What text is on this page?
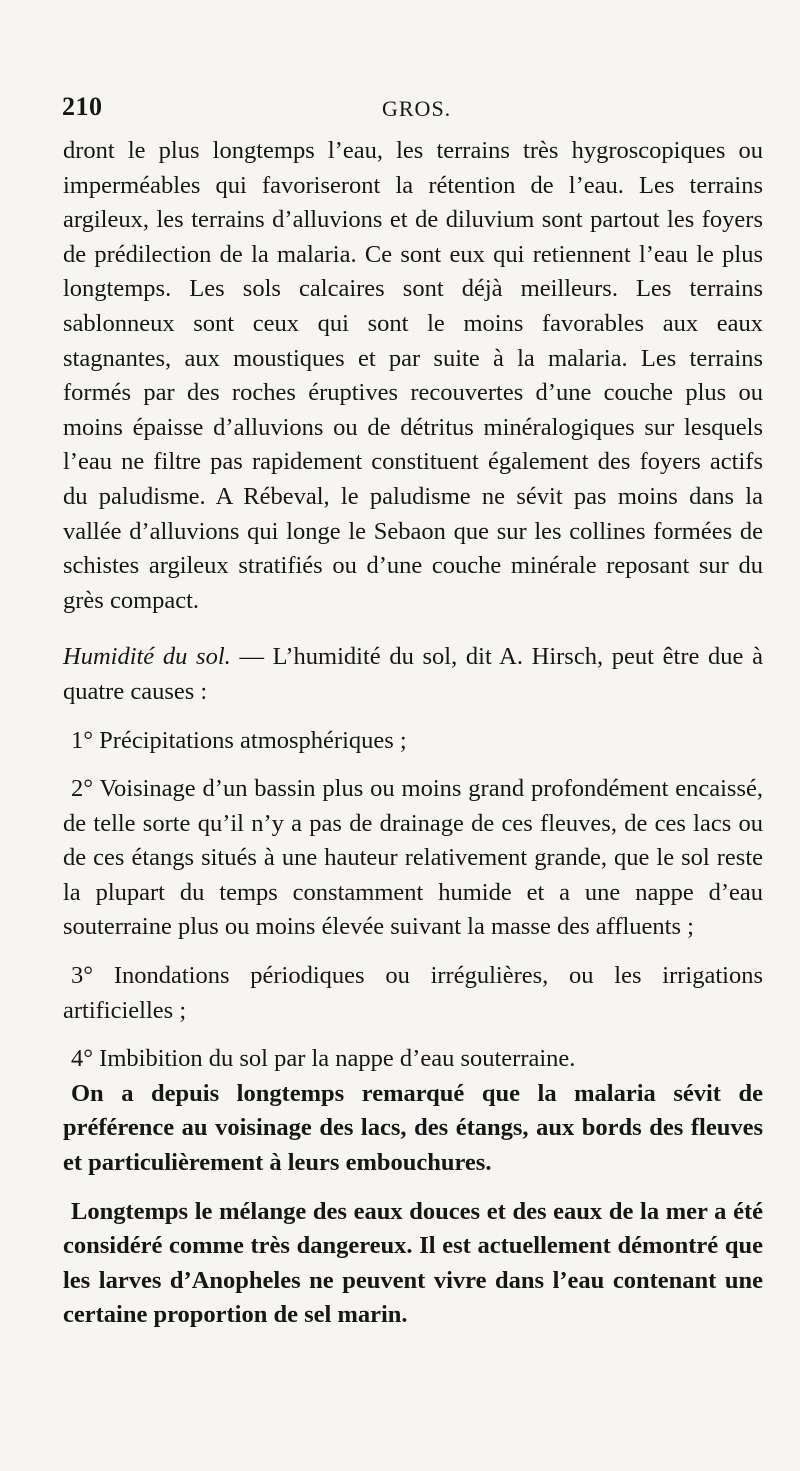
210	GROS.

dront le plus longtemps l’eau, les terrains très hygroscopiques ou imperméables qui favoriseront la rétention de l’eau. Les terrains argileux, les terrains d’alluvions et de diluvium sont partout les foyers de prédilection de la malaria. Ce sont eux qui retiennent l’eau le plus longtemps. Les sols calcaires sont déjà meilleurs. Les terrains sablonneux sont ceux qui sont le moins favorables aux eaux stagnantes, aux moustiques et par suite à la malaria. Les terrains formés par des roches éruptives recouvertes d’une couche plus ou moins épaisse d’alluvions ou de détritus minéralogiques sur lesquels l’eau ne filtre pas rapidement constituent également des foyers actifs du paludisme. A Rébeval, le paludisme ne sévit pas moins dans la vallée d’alluvions qui longe le Sebaon que sur les collines formées de schistes argileux stratifiés ou d’une couche minérale reposant sur du grès compact.

Humidité du sol. — L’humidité du sol, dit A. Hirsch, peut être due à quatre causes :

1° Précipitations atmosphériques ;

2° Voisinage d’un bassin plus ou moins grand profondément encaissé, de telle sorte qu’il n’y a pas de drainage de ces fleuves, de ces lacs ou de ces étangs situés à une hauteur relativement grande, que le sol reste la plupart du temps constamment humide et a une nappe d’eau souterraine plus ou moins élevée suivant la masse des affluents ;

3° Inondations périodiques ou irrégulières, ou les irrigations artificielles ;

4° Imbibition du sol par la nappe d’eau souterraine.

On a depuis longtemps remarqué que la malaria sévit de préférence au voisinage des lacs, des étangs, aux bords des fleuves et particulièrement à leurs embouchures.

Longtemps le mélange des eaux douces et des eaux de la mer a été considéré comme très dangereux. Il est actuellement démontré que les larves d’Anopheles ne peuvent vivre dans l’eau contenant une certaine proportion de sel marin.
